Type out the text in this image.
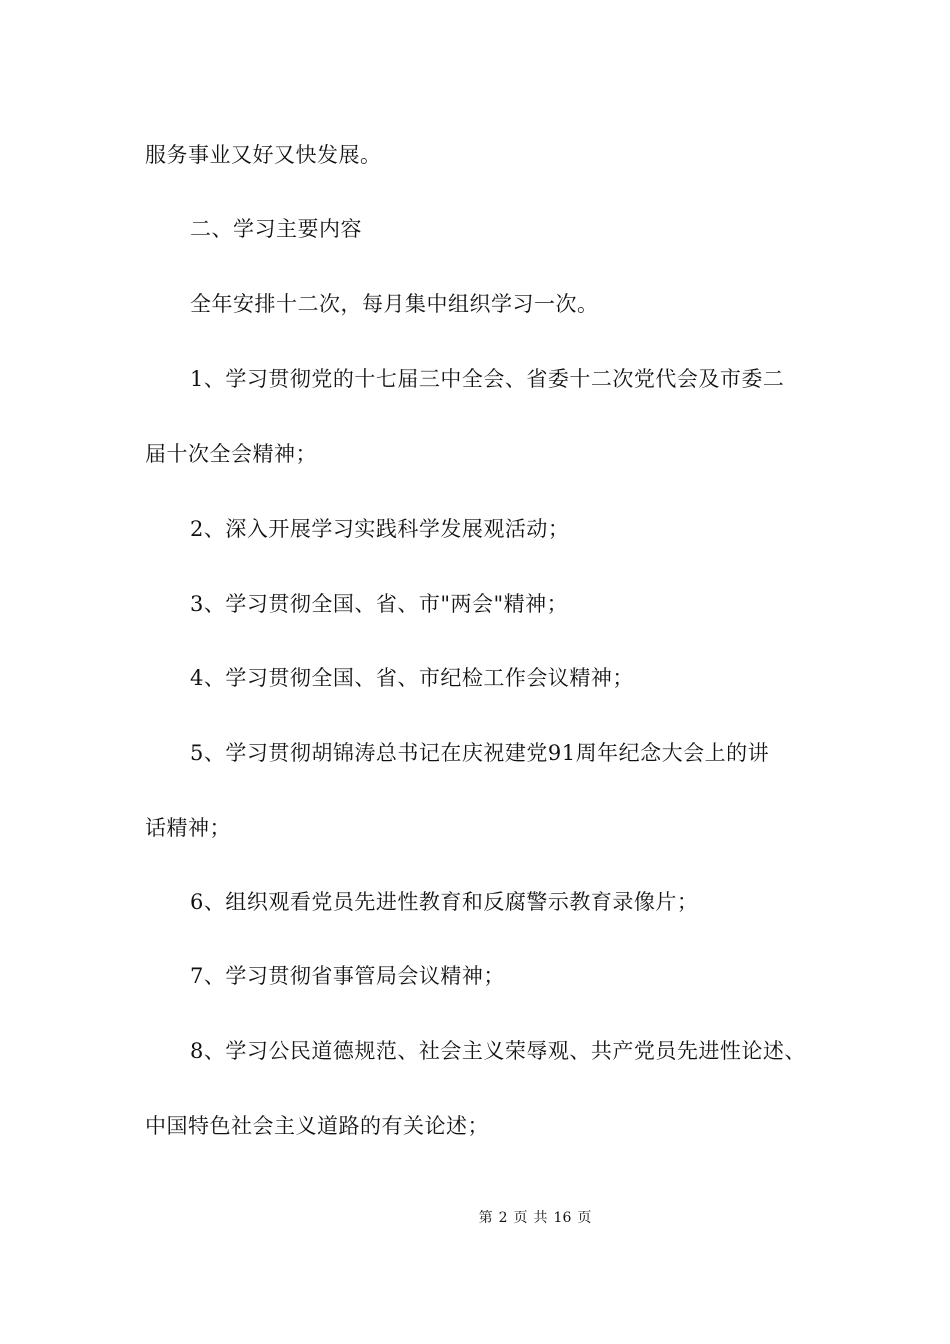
服务事业又好又快发展。
二、学习主要内容
全年安排十二次，每月集中组织学习一次。
1、学习贯彻党的十七届三中全会、省委十二次党代会及市委二
届十次全会精神；
2、深入开展学习实践科学发展观活动；
3、学习贯彻全国、省、市"两会"精神；
4、学习贯彻全国、省、市纪检工作会议精神；
5、学习贯彻胡锦涛总书记在庆祝建党91周年纪念大会上的讲
话精神；
6、组织观看党员先进性教育和反腐警示教育录像片；
7、学习贯彻省事管局会议精神；
8、学习公民道德规范、社会主义荣辱观、共产党员先进性论述、
中国特色社会主义道路的有关论述；
第 2 页 共 16 页
